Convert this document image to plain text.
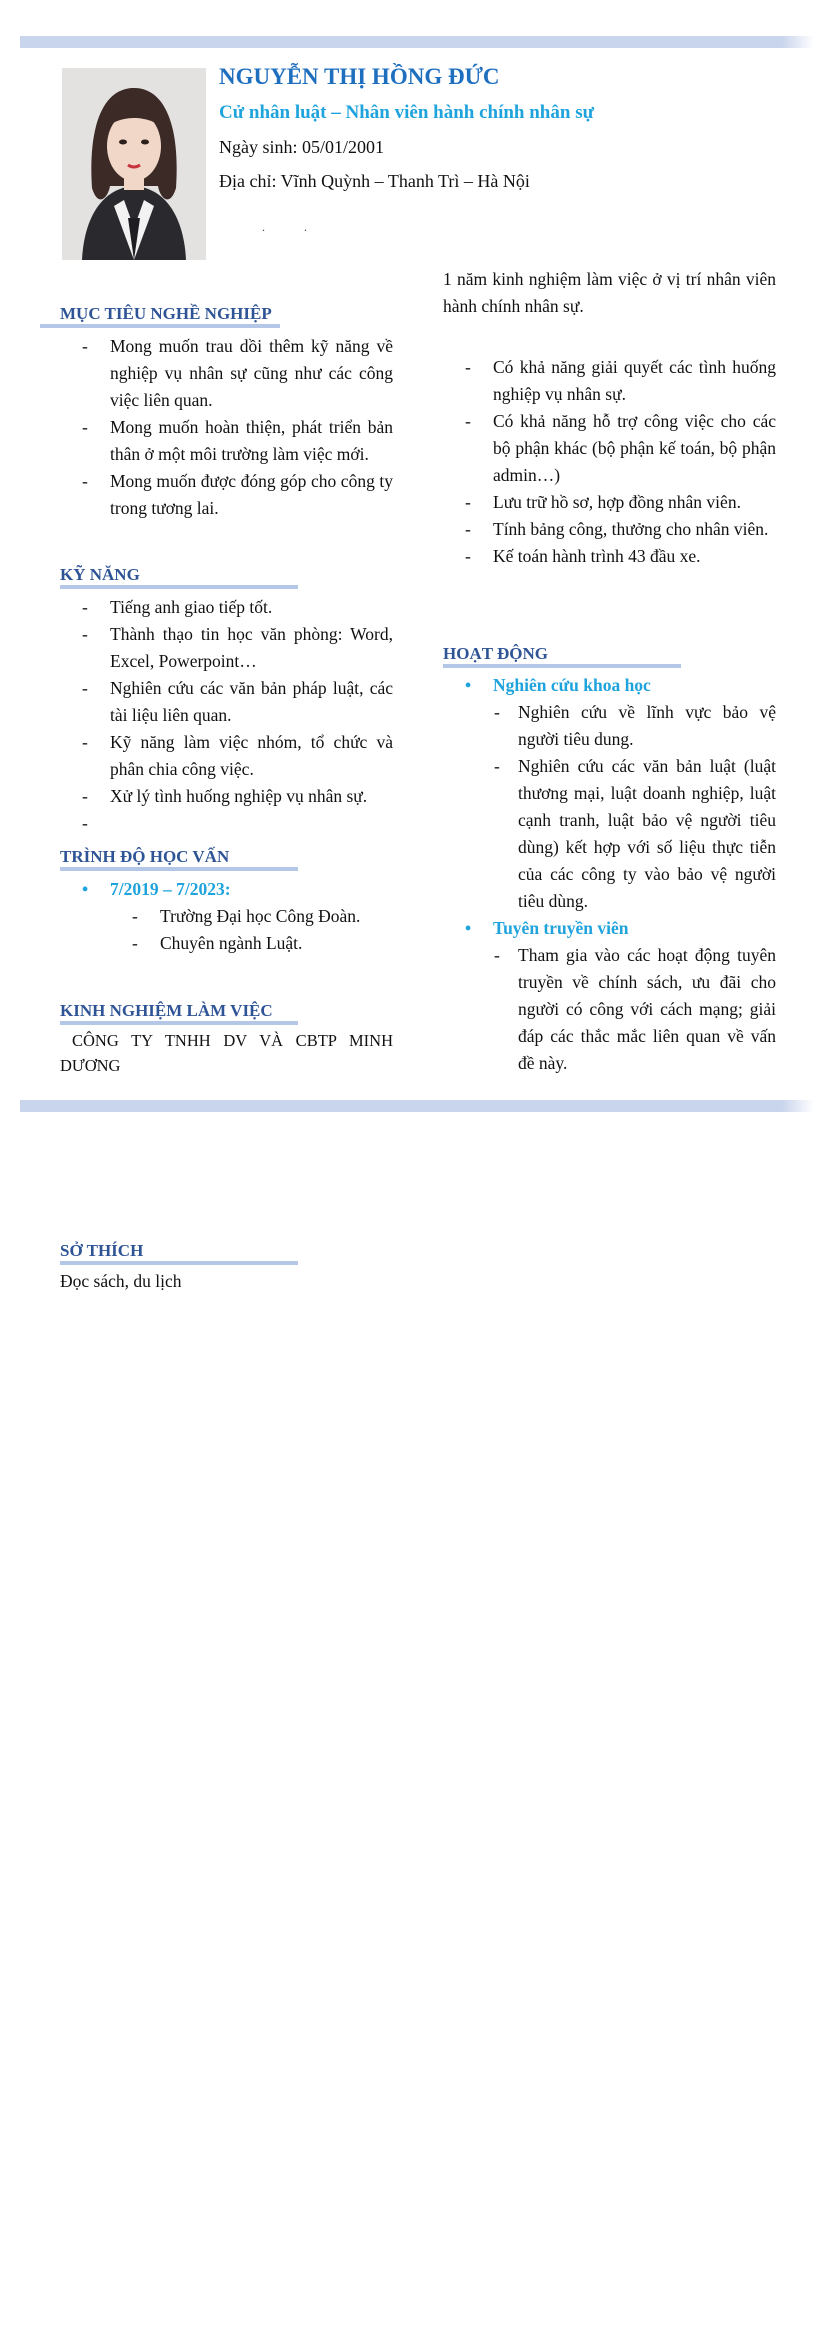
NGUYỄN THỊ HỒNG ĐỨC
Cử nhân luật – Nhân viên hành chính nhân sự
Ngày sinh: 05/01/2001
Địa chỉ: Vĩnh Quỳnh – Thanh Trì – Hà Nội
. .
MỤC TIÊU NGHỀ NGHIỆP
- Mong muốn trau dồi thêm kỹ năng về nghiệp vụ nhân sự cũng như các công việc liên quan.
- Mong muốn hoàn thiện, phát triển bản thân ở một môi trường làm việc mới.
- Mong muốn được đóng góp cho công ty trong tương lai.
KỸ NĂNG
- Tiếng anh giao tiếp tốt.
- Thành thạo tin học văn phòng: Word, Excel, Powerpoint…
- Nghiên cứu các văn bản pháp luật, các tài liệu liên quan.
- Kỹ năng làm việc nhóm, tổ chức và phân chia công việc.
- Xử lý tình huống nghiệp vụ nhân sự.
-
TRÌNH ĐỘ HỌC VẤN
• 7/2019 – 7/2023:
- Trường Đại học Công Đoàn.
- Chuyên ngành Luật.
KINH NGHIỆM LÀM VIỆC
CÔNG TY TNHH DV VÀ CBTP MINH DƯƠNG
1 năm kinh nghiệm làm việc ở vị trí nhân viên hành chính nhân sự.
- Có khả năng giải quyết các tình huống nghiệp vụ nhân sự.
- Có khả năng hỗ trợ công việc cho các bộ phận khác (bộ phận kế toán, bộ phận admin…)
- Lưu trữ hồ sơ, hợp đồng nhân viên.
- Tính bảng công, thưởng cho nhân viên.
- Kế toán hành trình 43 đầu xe.
HOẠT ĐỘNG
• Nghiên cứu khoa học
- Nghiên cứu về lĩnh vực bảo vệ người tiêu dung.
- Nghiên cứu các văn bản luật (luật thương mại, luật doanh nghiệp, luật cạnh tranh, luật bảo vệ người tiêu dùng) kết hợp với số liệu thực tiễn của các công ty vào bảo vệ người tiêu dùng.
• Tuyên truyền viên
- Tham gia vào các hoạt động tuyên truyền về chính sách, ưu đãi cho người có công với cách mạng; giải đáp các thắc mắc liên quan về vấn đề này.
SỞ THÍCH
Đọc sách, du lịch
